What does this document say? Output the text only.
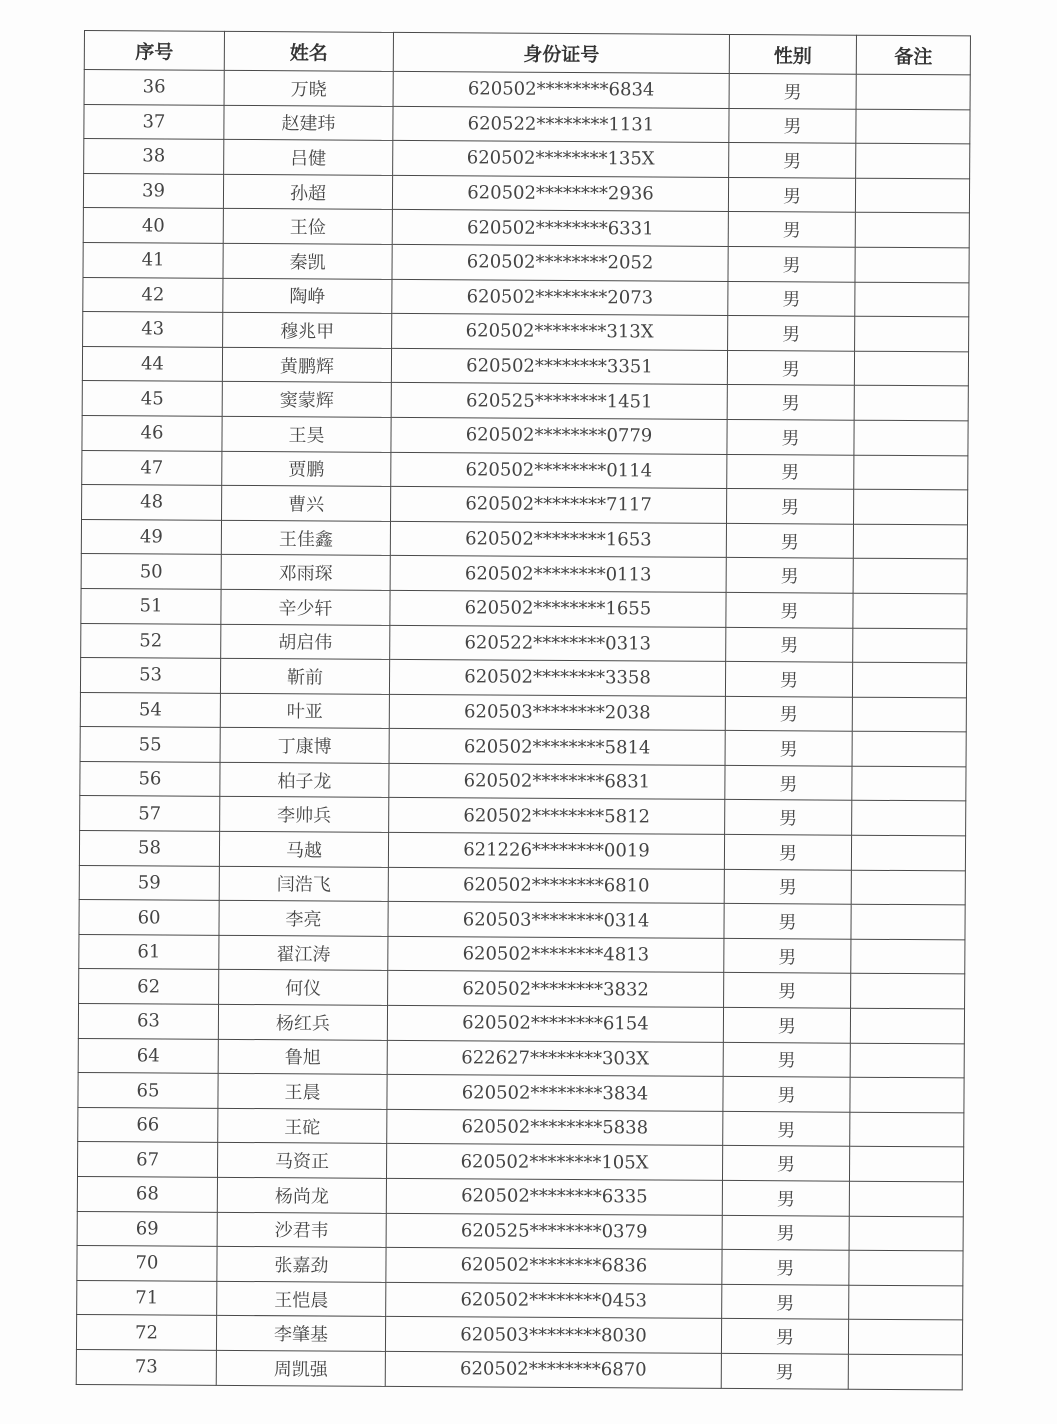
序号	姓名	身份证号	性别	备注
36	万晓	620502********6834	男	
37	赵建玮	620522********1131	男	
38	吕健	620502********135X	男	
39	孙超	620502********2936	男	
40	王俭	620502********6331	男	
41	秦凯	620502********2052	男	
42	陶峥	620502********2073	男	
43	穆兆甲	620502********313X	男	
44	黄鹏辉	620502********3351	男	
45	窦蒙辉	620525********1451	男	
46	王昊	620502********0779	男	
47	贾鹏	620502********0114	男	
48	曹兴	620502********7117	男	
49	王佳鑫	620502********1653	男	
50	邓雨琛	620502********0113	男	
51	辛少轩	620502********1655	男	
52	胡启伟	620522********0313	男	
53	靳前	620502********3358	男	
54	叶亚	620503********2038	男	
55	丁康博	620502********5814	男	
56	柏子龙	620502********6831	男	
57	李帅兵	620502********5812	男	
58	马越	621226********0019	男	
59	闫浩飞	620502********6810	男	
60	李亮	620503********0314	男	
61	翟江涛	620502********4813	男	
62	何仪	620502********3832	男	
63	杨红兵	620502********6154	男	
64	鲁旭	622627********303X	男	
65	王晨	620502********3834	男	
66	王砣	620502********5838	男	
67	马资正	620502********105X	男	
68	杨尚龙	620502********6335	男	
69	沙君韦	620525********0379	男	
70	张嘉劲	620502********6836	男	
71	王恺晨	620502********0453	男	
72	李肇基	620503********8030	男	
73	周凯强	620502********6870	男	
